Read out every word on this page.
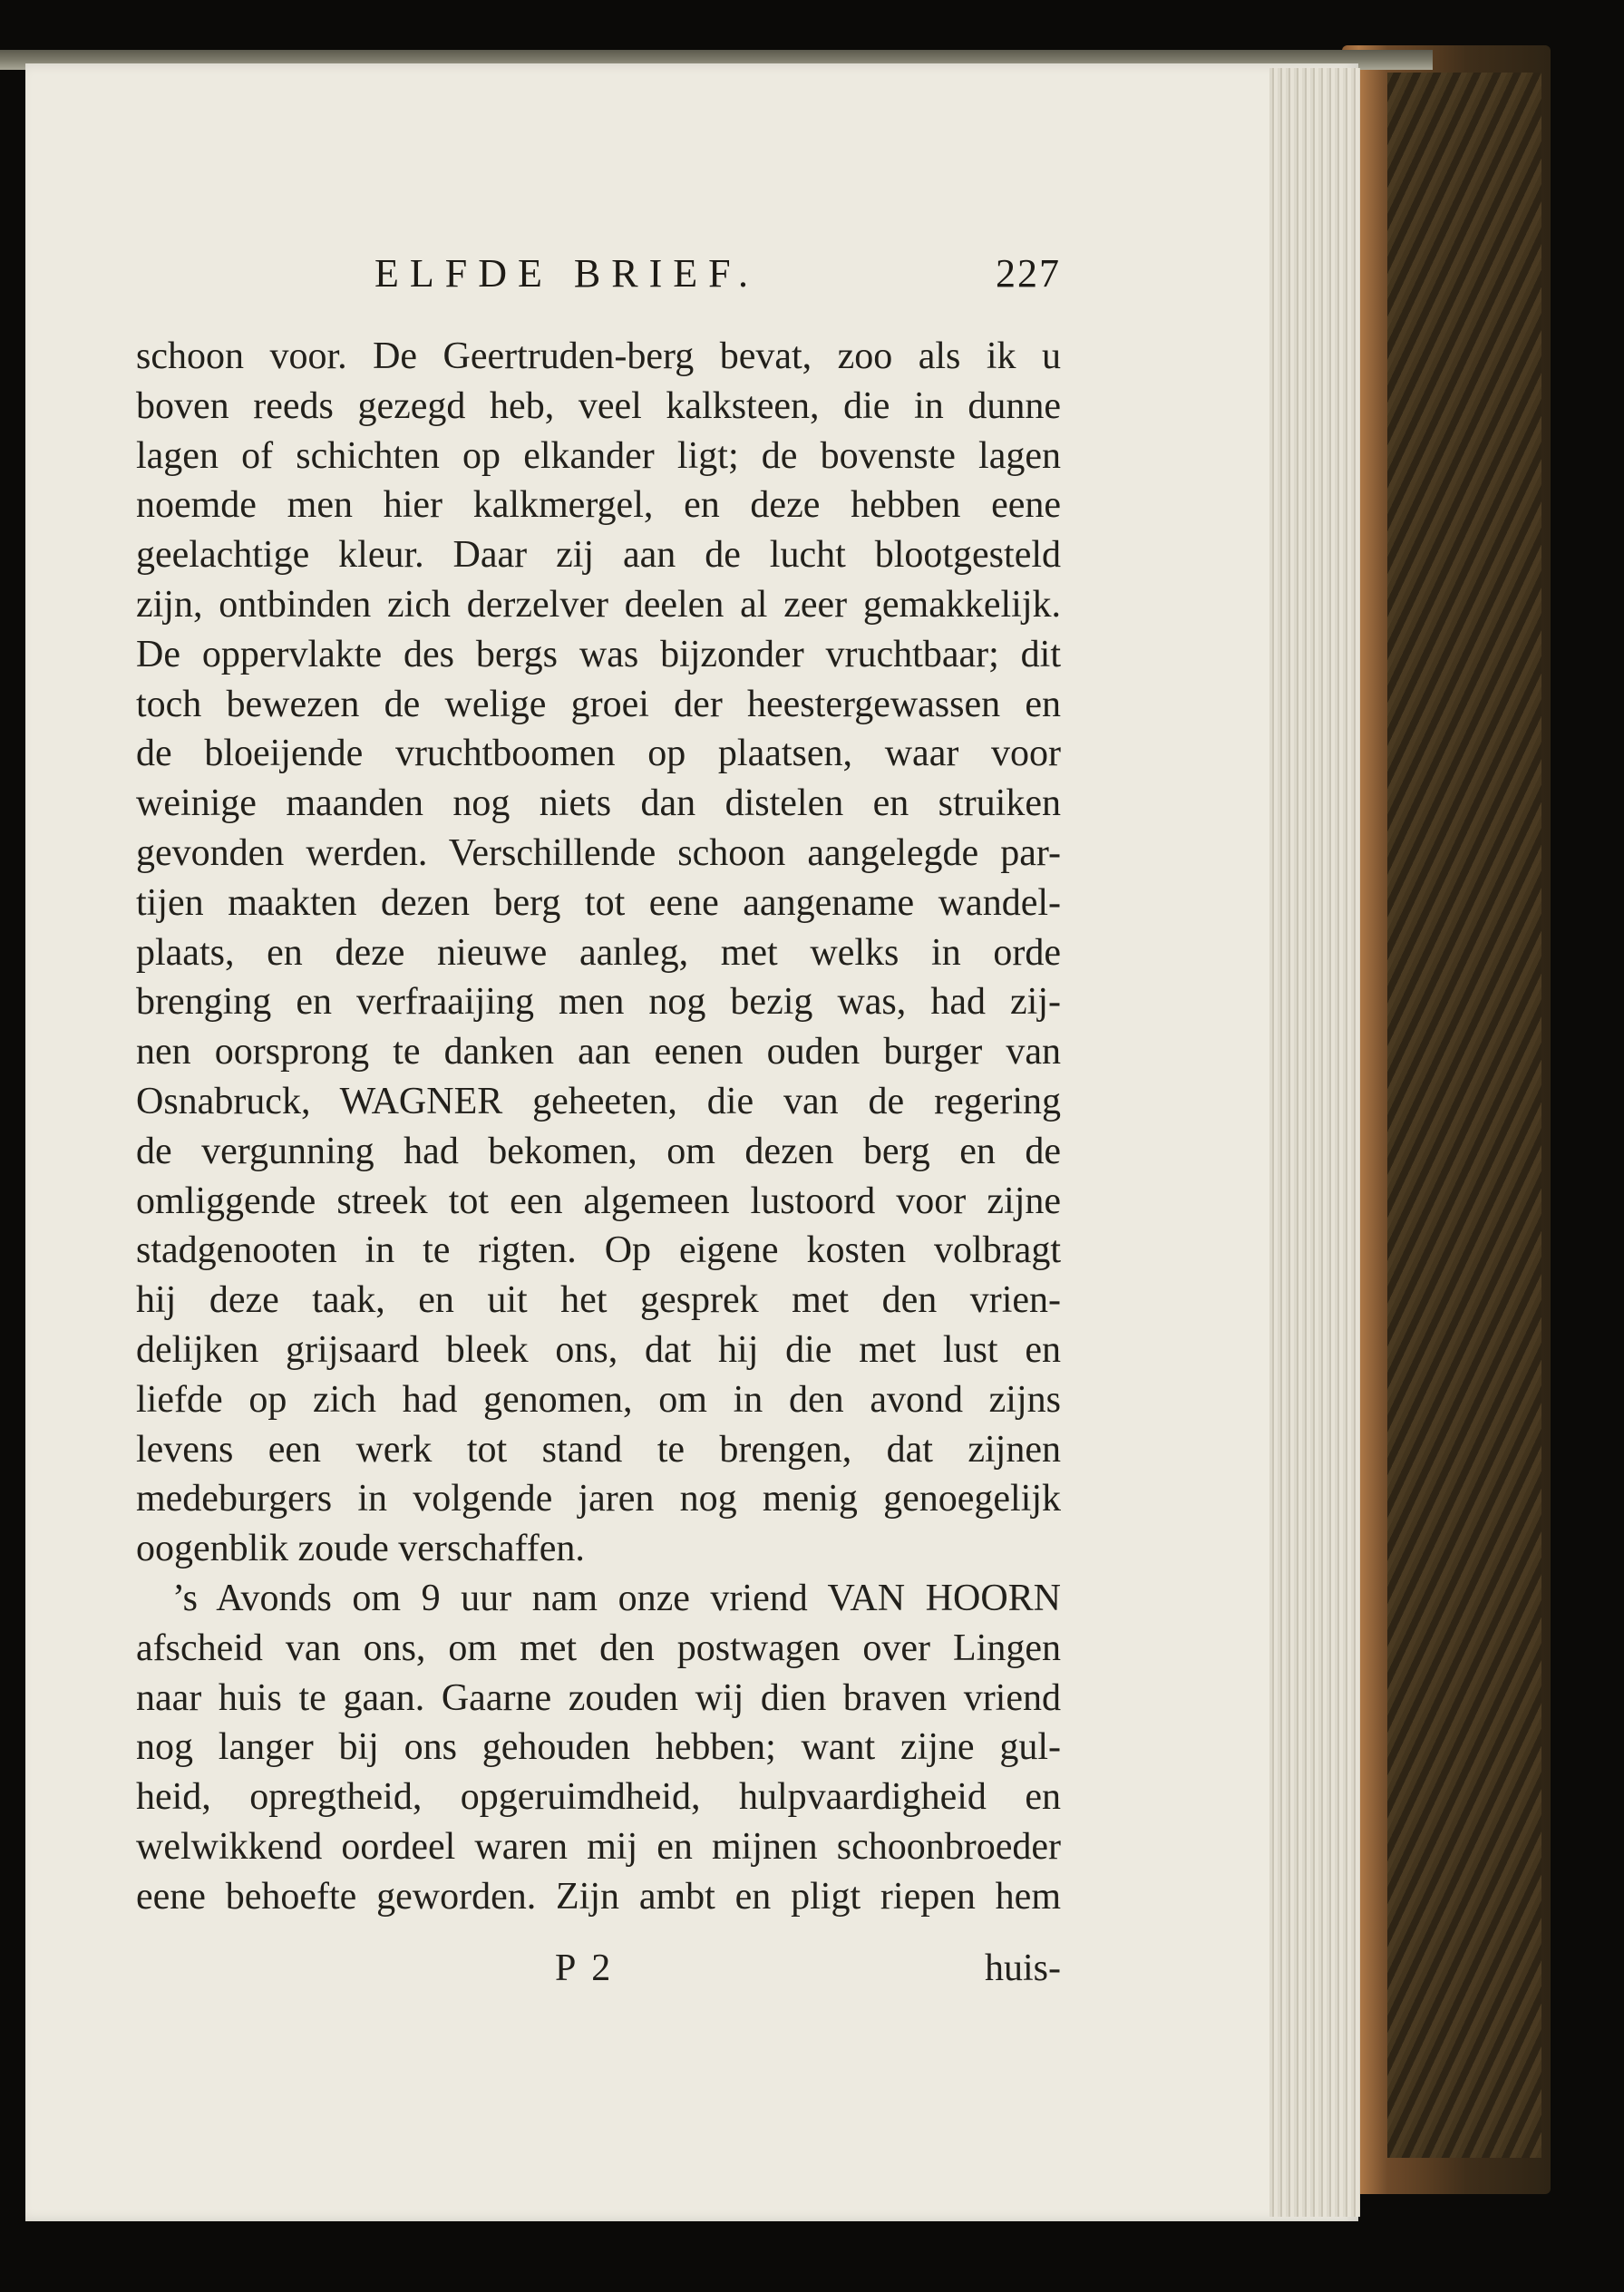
ELFDE BRIEF.	227
schoon voor. De Geertruden-berg bevat, zoo als ik u
boven reeds gezegd heb, veel kalksteen, die in dunne
lagen of schichten op elkander ligt; de bovenste lagen
noemde men hier kalkmergel, en deze hebben eene
geelachtige kleur. Daar zij aan de lucht blootgesteld
zijn, ontbinden zich derzelver deelen al zeer gemakkelijk.
De oppervlakte des bergs was bijzonder vruchtbaar; dit
toch bewezen de welige groei der heestergewassen en
de bloeijende vruchtboomen op plaatsen, waar voor
weinige maanden nog niets dan distelen en struiken
gevonden werden. Verschillende schoon aangelegde par-
tijen maakten dezen berg tot eene aangename wandel-
plaats, en deze nieuwe aanleg, met welks in orde
brenging en verfraaijing men nog bezig was, had zij-
nen oorsprong te danken aan eenen ouden burger van
Osnabruck, WAGNER geheeten, die van de regering
de vergunning had bekomen, om dezen berg en de
omliggende streek tot een algemeen lustoord voor zijne
stadgenooten in te rigten. Op eigene kosten volbragt
hij deze taak, en uit het gesprek met den vrien-
delijken grijsaard bleek ons, dat hij die met lust en
liefde op zich had genomen, om in den avond zijns
levens een werk tot stand te brengen, dat zijnen
medeburgers in volgende jaren nog menig genoegelijk
oogenblik zoude verschaffen.
’s Avonds om 9 uur nam onze vriend VAN HOORN
afscheid van ons, om met den postwagen over Lingen
naar huis te gaan. Gaarne zouden wij dien braven vriend
nog langer bij ons gehouden hebben; want zijne gul-
heid, opregtheid, opgeruimdheid, hulpvaardigheid en
welwikkend oordeel waren mij en mijnen schoonbroeder
eene behoefte geworden. Zijn ambt en pligt riepen hem
P 2	huis-
